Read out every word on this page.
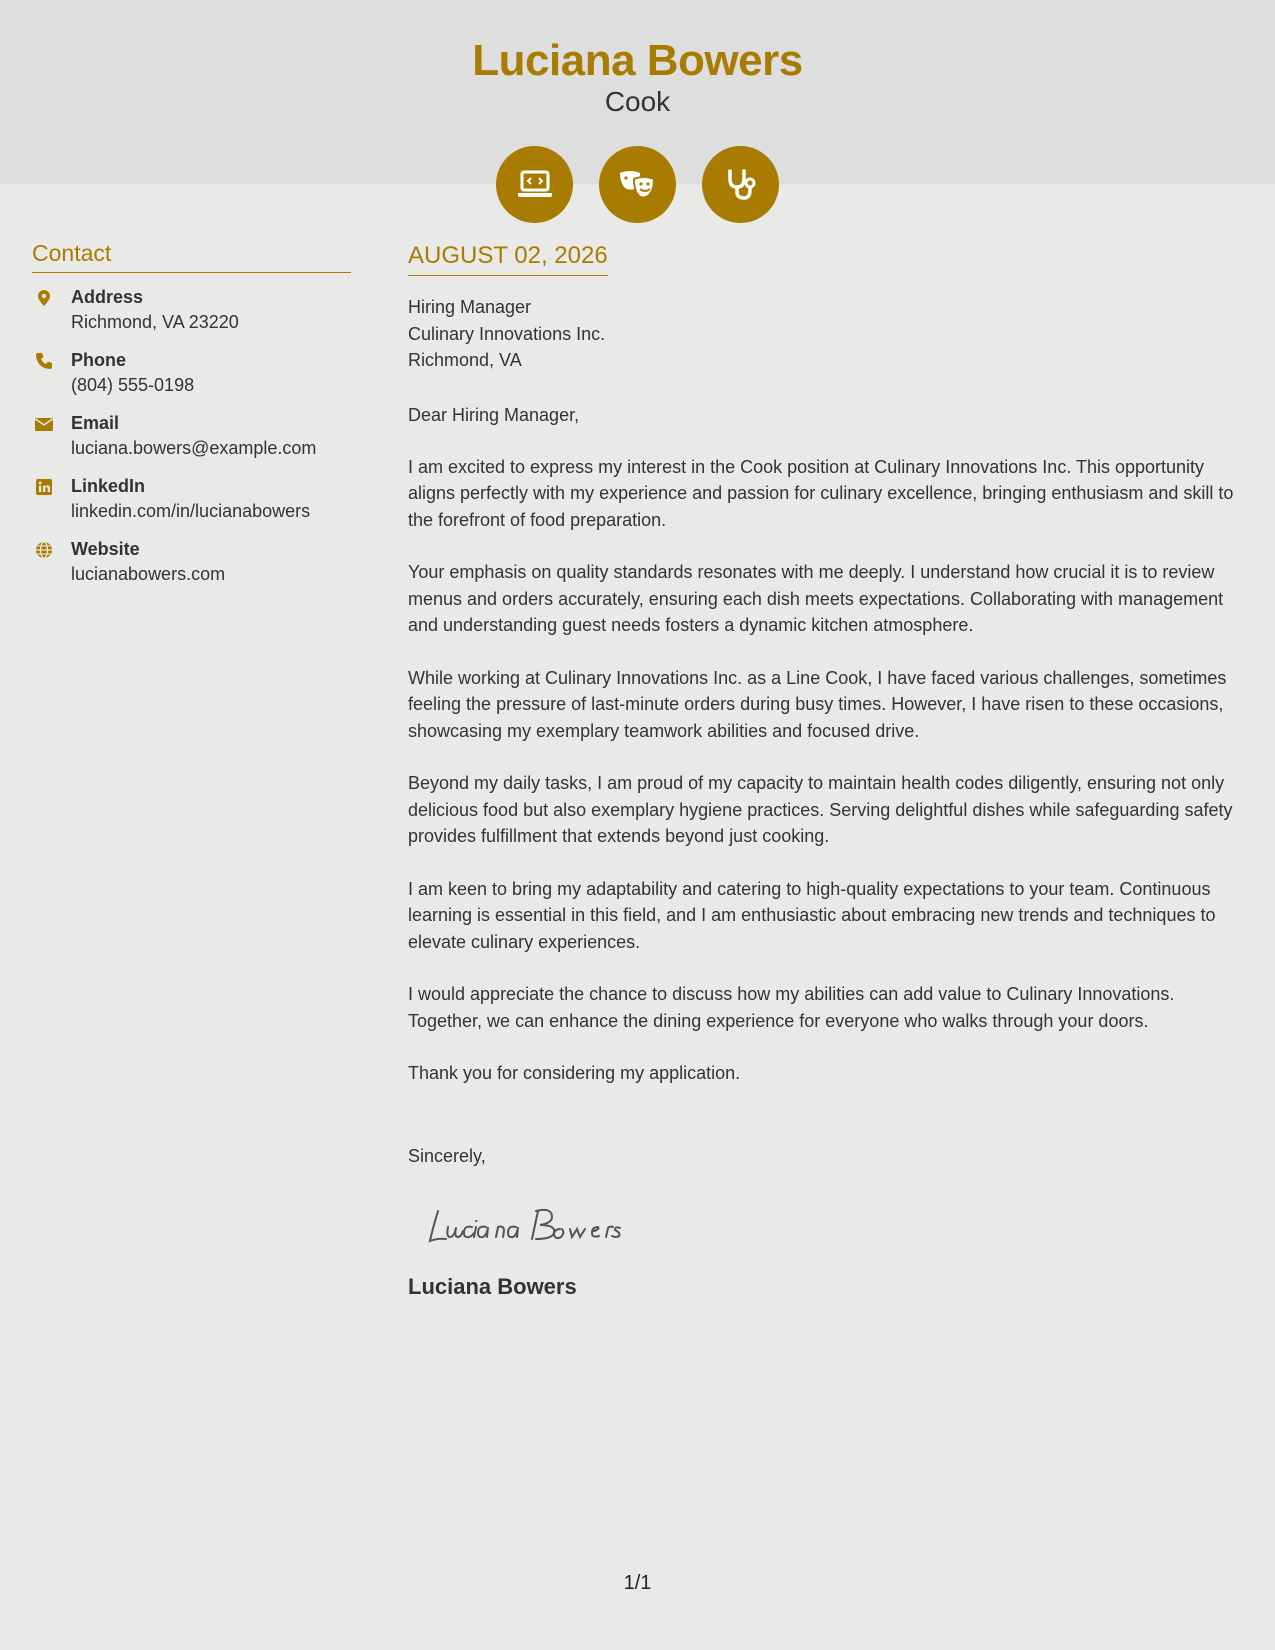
Luciana Bowers
Cook
Contact
Address
Richmond, VA 23220
Phone
(804) 555-0198
Email
luciana.bowers@example.com
LinkedIn
linkedin.com/in/lucianabowers
Website
lucianabowers.com
AUGUST 02, 2026
Hiring Manager
Culinary Innovations Inc.
Richmond, VA
Dear Hiring Manager,
I am excited to express my interest in the Cook position at Culinary Innovations Inc. This opportunity aligns perfectly with my experience and passion for culinary excellence, bringing enthusiasm and skill to the forefront of food preparation.
Your emphasis on quality standards resonates with me deeply. I understand how crucial it is to review menus and orders accurately, ensuring each dish meets expectations. Collaborating with management and understanding guest needs fosters a dynamic kitchen atmosphere.
While working at Culinary Innovations Inc. as a Line Cook, I have faced various challenges, sometimes feeling the pressure of last-minute orders during busy times. However, I have risen to these occasions, showcasing my exemplary teamwork abilities and focused drive.
Beyond my daily tasks, I am proud of my capacity to maintain health codes diligently, ensuring not only delicious food but also exemplary hygiene practices. Serving delightful dishes while safeguarding safety provides fulfillment that extends beyond just cooking.
I am keen to bring my adaptability and catering to high-quality expectations to your team. Continuous learning is essential in this field, and I am enthusiastic about embracing new trends and techniques to elevate culinary experiences.
I would appreciate the chance to discuss how my abilities can add value to Culinary Innovations. Together, we can enhance the dining experience for everyone who walks through your doors.
Thank you for considering my application.
Sincerely,
Luciana Bowers
1/1
